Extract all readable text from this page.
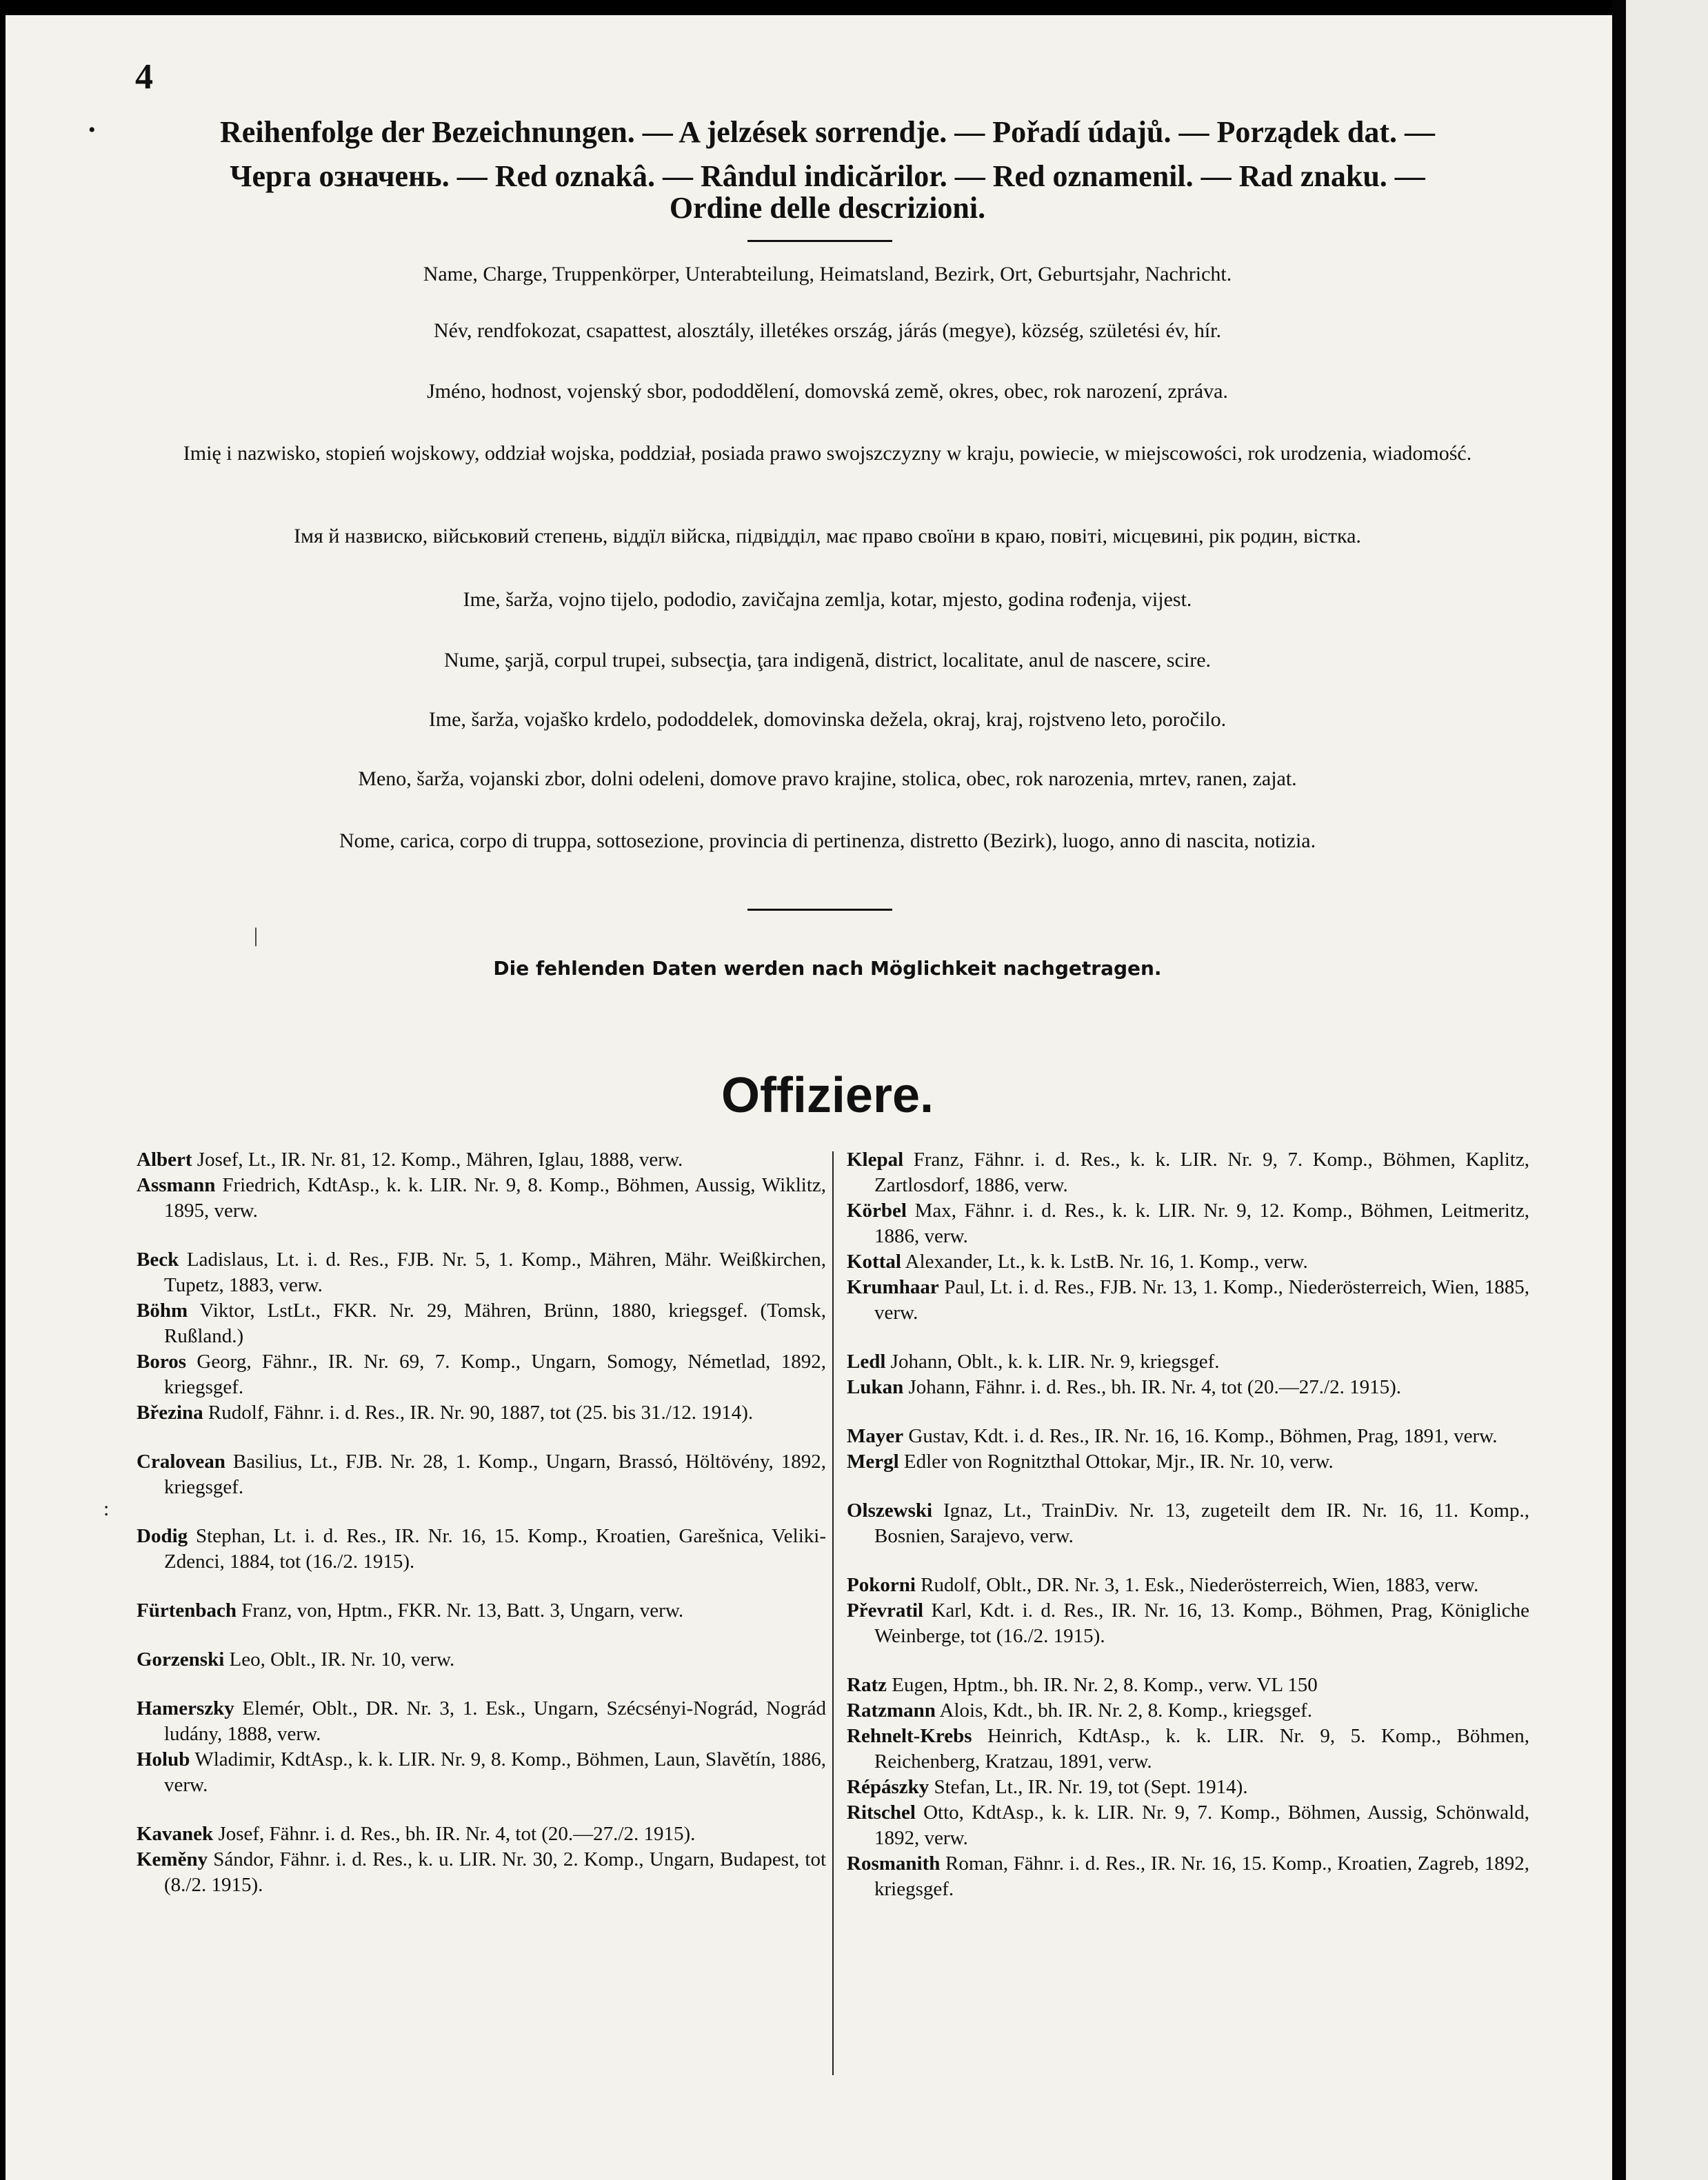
4
•
:
|
Reihenfolge der Bezeichnungen. — A jelzések sorrendje. — Pořadí údajů. — Porządek dat. —
Черга означень. — Red oznakâ. — Rândul indicărilor. — Red oznamenil. — Rad znaku. —
Ordine delle descrizioni.
Name, Charge, Truppenkörper, Unterabteilung, Heimatsland, Bezirk, Ort, Geburtsjahr, Nachricht.
Név, rendfokozat, csapattest, alosztály, illetékes ország, járás (megye), község, születési év, hír.
Jméno, hodnost, vojenský sbor, pododdělení, domovská země, okres, obec, rok narození, zpráva.
Imię i nazwisko, stopień wojskowy, oddział wojska, poddział, posiada prawo swojszczyzny w kraju, powiecie, w miejscowości, rok urodzenia, wiadomość.
Імя й назвиско, військовий степень, віддїл війска, підвідділ, має право своїни в краю, повіті, місцевині, рік родин, вістка.
Ime, šarža, vojno tijelo, pododio, zavičajna zemlja, kotar, mjesto, godina rođenja, vijest.
Nume, şarjă, corpul trupei, subsecţia, ţara indigenă, district, localitate, anul de nascere, scire.
Ime, šarža, vojaško krdelo, pododdelek, domovinska dežela, okraj, kraj, rojstveno leto, poročilo.
Meno, šarža, vojanski zbor, dolni odeleni, domove pravo krajine, stolica, obec, rok narozenia, mrtev, ranen, zajat.
Nome, carica, corpo di truppa, sottosezione, provincia di pertinenza, distretto (Bezirk), luogo, anno di nascita, notizia.
Die fehlenden Daten werden nach Möglichkeit nachgetragen.
Offiziere.
Albert Josef, Lt., IR. Nr. 81, 12. Komp., Mähren, Iglau, 1888, verw.
Assmann Friedrich, KdtAsp., k. k. LIR. Nr. 9, 8. Komp., Böhmen, Aussig, Wiklitz, 1895, verw.
Beck Ladislaus, Lt. i. d. Res., FJB. Nr. 5, 1. Komp., Mähren, Mähr. Weißkirchen, Tupetz, 1883, verw.
Böhm Viktor, LstLt., FKR. Nr. 29, Mähren, Brünn, 1880, kriegsgef. (Tomsk, Rußland.)
Boros Georg, Fähnr., IR. Nr. 69, 7. Komp., Ungarn, Somogy, Németlad, 1892, kriegsgef.
Březina Rudolf, Fähnr. i. d. Res., IR. Nr. 90, 1887, tot (25. bis 31./12. 1914).
Cralovean Basilius, Lt., FJB. Nr. 28, 1. Komp., Ungarn, Brassó, Höltövény, 1892, kriegsgef.
Dodig Stephan, Lt. i. d. Res., IR. Nr. 16, 15. Komp., Kroatien, Garešnica, Veliki-Zdenci, 1884, tot (16./2. 1915).
Fürtenbach Franz, von, Hptm., FKR. Nr. 13, Batt. 3, Ungarn, verw.
Gorzenski Leo, Oblt., IR. Nr. 10, verw.
Hamerszky Elemér, Oblt., DR. Nr. 3, 1. Esk., Ungarn, Szécsényi-Nográd, Nográd ludány, 1888, verw.
Holub Wladimir, KdtAsp., k. k. LIR. Nr. 9, 8. Komp., Böhmen, Laun, Slavětín, 1886, verw.
Kavanek Josef, Fähnr. i. d. Res., bh. IR. Nr. 4, tot (20.—27./2. 1915).
Keměny Sándor, Fähnr. i. d. Res., k. u. LIR. Nr. 30, 2. Komp., Ungarn, Budapest, tot (8./2. 1915).
Klepal Franz, Fähnr. i. d. Res., k. k. LIR. Nr. 9, 7. Komp., Böhmen, Kaplitz, Zartlosdorf, 1886, verw.
Körbel Max, Fähnr. i. d. Res., k. k. LIR. Nr. 9, 12. Komp., Böhmen, Leitmeritz, 1886, verw.
Kottal Alexander, Lt., k. k. LstB. Nr. 16, 1. Komp., verw.
Krumhaar Paul, Lt. i. d. Res., FJB. Nr. 13, 1. Komp., Niederösterreich, Wien, 1885, verw.
Ledl Johann, Oblt., k. k. LIR. Nr. 9, kriegsgef.
Lukan Johann, Fähnr. i. d. Res., bh. IR. Nr. 4, tot (20.—27./2. 1915).
Mayer Gustav, Kdt. i. d. Res., IR. Nr. 16, 16. Komp., Böhmen, Prag, 1891, verw.
Mergl Edler von Rognitzthal Ottokar, Mjr., IR. Nr. 10, verw.
Olszewski Ignaz, Lt., TrainDiv. Nr. 13, zugeteilt dem IR. Nr. 16, 11. Komp., Bosnien, Sarajevo, verw.
Pokorni Rudolf, Oblt., DR. Nr. 3, 1. Esk., Niederösterreich, Wien, 1883, verw.
Převratil Karl, Kdt. i. d. Res., IR. Nr. 16, 13. Komp., Böhmen, Prag, Königliche Weinberge, tot (16./2. 1915).
Ratz Eugen, Hptm., bh. IR. Nr. 2, 8. Komp., verw. VL 150
Ratzmann Alois, Kdt., bh. IR. Nr. 2, 8. Komp., kriegsgef.
Rehnelt-Krebs Heinrich, KdtAsp., k. k. LIR. Nr. 9, 5. Komp., Böhmen, Reichenberg, Kratzau, 1891, verw.
Répászky Stefan, Lt., IR. Nr. 19, tot (Sept. 1914).
Ritschel Otto, KdtAsp., k. k. LIR. Nr. 9, 7. Komp., Böhmen, Aussig, Schönwald, 1892, verw.
Rosmanith Roman, Fähnr. i. d. Res., IR. Nr. 16, 15. Komp., Kroatien, Zagreb, 1892, kriegsgef.
